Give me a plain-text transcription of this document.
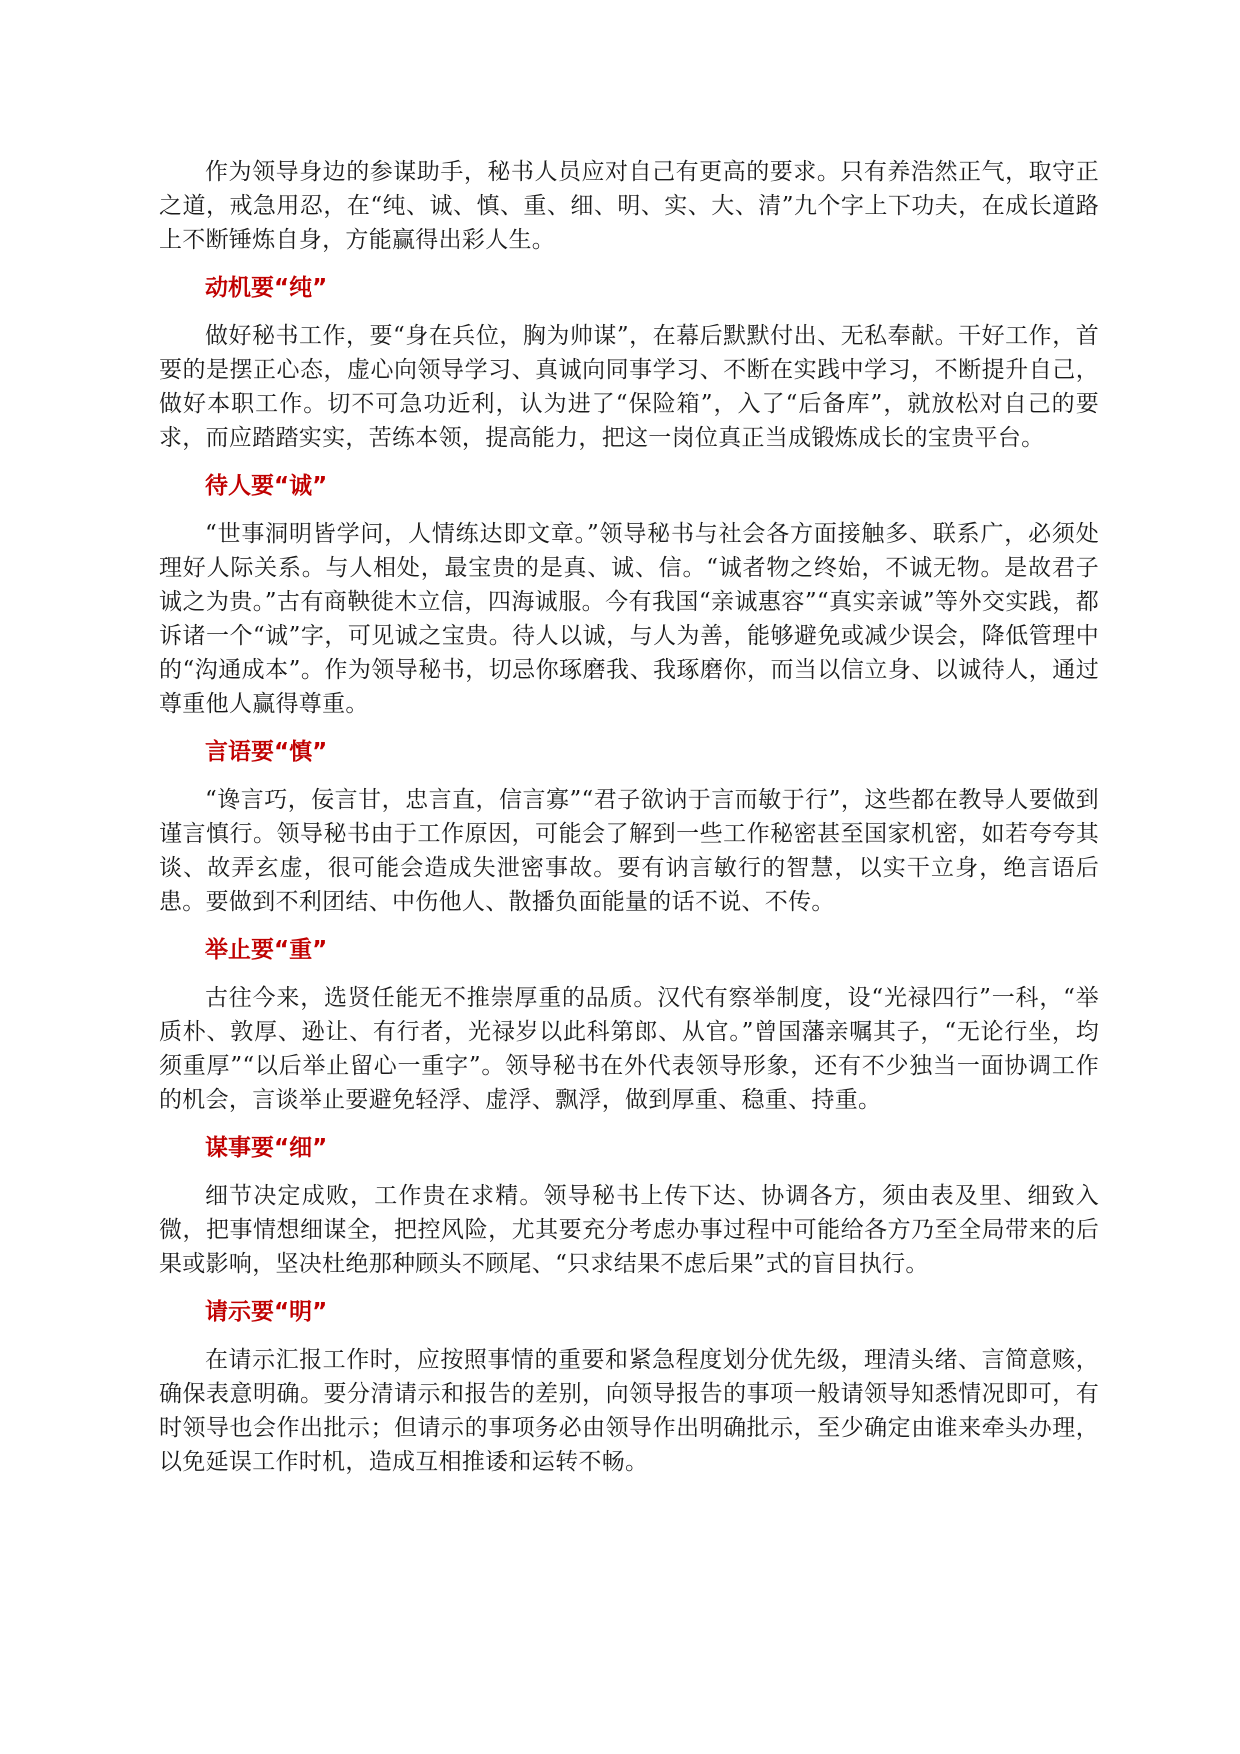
作为领导身边的参谋助手，秘书人员应对自己有更高的要求。只有养浩然正气，取守正之道，戒急用忍，在“纯、诚、慎、重、细、明、实、大、清”九个字上下功夫，在成长道路上不断锤炼自身，方能赢得出彩人生。

动机要“纯”

做好秘书工作，要“身在兵位，胸为帅谋”，在幕后默默付出、无私奉献。干好工作，首要的是摆正心态，虚心向领导学习、真诚向同事学习、不断在实践中学习，不断提升自己，做好本职工作。切不可急功近利，认为进了“保险箱”，入了“后备库”，就放松对自己的要求，而应踏踏实实，苦练本领，提高能力，把这一岗位真正当成锻炼成长的宝贵平台。

待人要“诚”

“世事洞明皆学问，人情练达即文章。”领导秘书与社会各方面接触多、联系广，必须处理好人际关系。与人相处，最宝贵的是真、诚、信。“诚者物之终始，不诚无物。是故君子诚之为贵。”古有商鞅徙木立信，四海诚服。今有我国“亲诚惠容”“真实亲诚”等外交实践，都诉诸一个“诚”字，可见诚之宝贵。待人以诚，与人为善，能够避免或减少误会，降低管理中的“沟通成本”。作为领导秘书，切忌你琢磨我、我琢磨你，而当以信立身、以诚待人，通过尊重他人赢得尊重。

言语要“慎”

“谗言巧，佞言甘，忠言直，信言寡”“君子欲讷于言而敏于行”，这些都在教导人要做到谨言慎行。领导秘书由于工作原因，可能会了解到一些工作秘密甚至国家机密，如若夸夸其谈、故弄玄虚，很可能会造成失泄密事故。要有讷言敏行的智慧，以实干立身，绝言语后患。要做到不利团结、中伤他人、散播负面能量的话不说、不传。

举止要“重”

古往今来，选贤任能无不推崇厚重的品质。汉代有察举制度，设“光禄四行”一科，“举质朴、敦厚、逊让、有行者，光禄岁以此科第郎、从官。”曾国藩亲嘱其子，“无论行坐，均须重厚”“以后举止留心一重字”。领导秘书在外代表领导形象，还有不少独当一面协调工作的机会，言谈举止要避免轻浮、虚浮、飘浮，做到厚重、稳重、持重。

谋事要“细”

细节决定成败，工作贵在求精。领导秘书上传下达、协调各方，须由表及里、细致入微，把事情想细谋全，把控风险，尤其要充分考虑办事过程中可能给各方乃至全局带来的后果或影响，坚决杜绝那种顾头不顾尾、“只求结果不虑后果”式的盲目执行。

请示要“明”

在请示汇报工作时，应按照事情的重要和紧急程度划分优先级，理清头绪、言简意赅，确保表意明确。要分清请示和报告的差别，向领导报告的事项一般请领导知悉情况即可，有时领导也会作出批示；但请示的事项务必由领导作出明确批示，至少确定由谁来牵头办理，以免延误工作时机，造成互相推诿和运转不畅。
